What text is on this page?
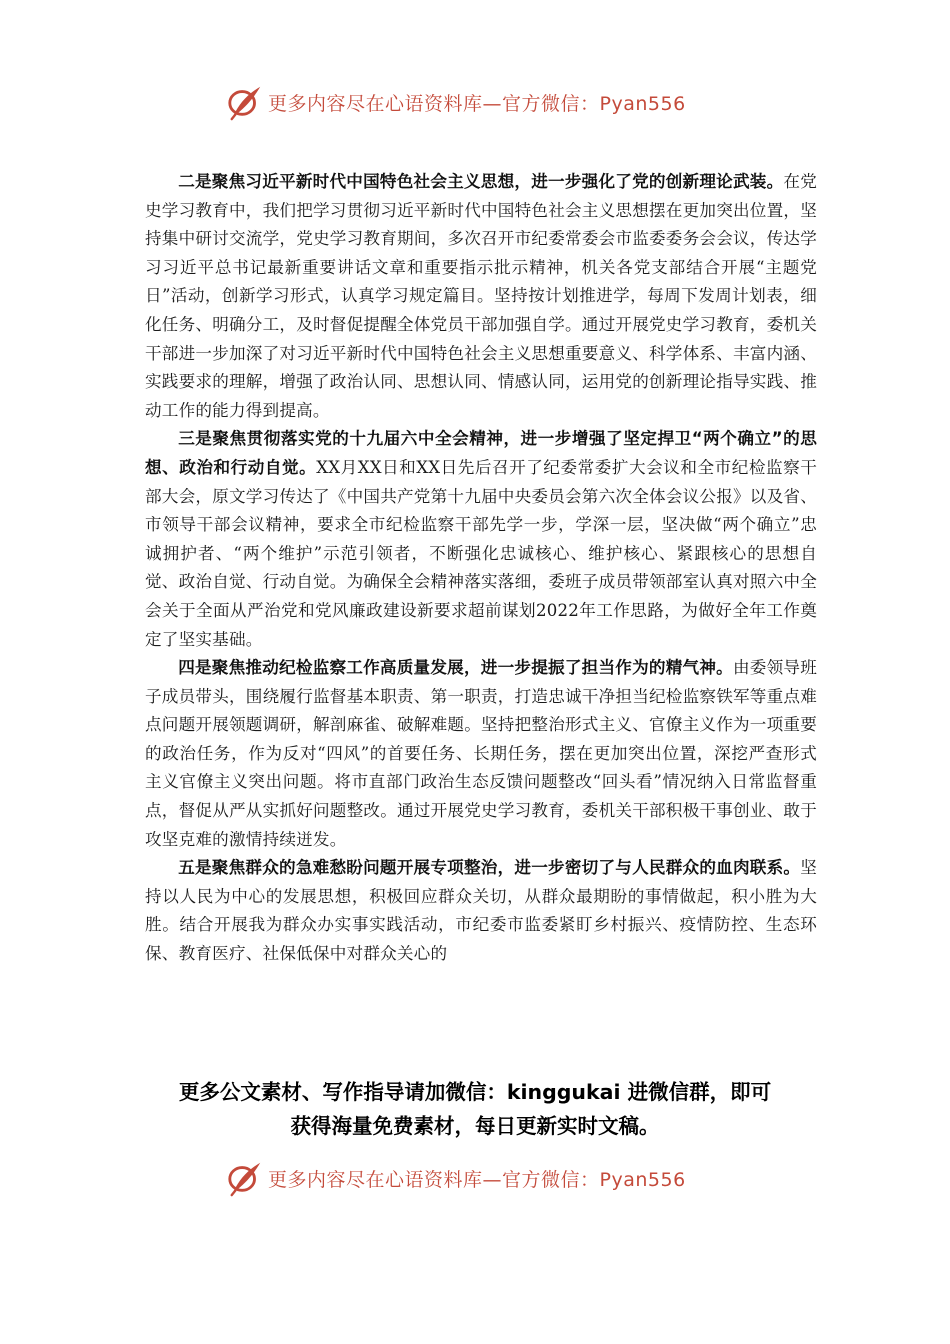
更多内容尽在心语资料库—官方微信：Pyan556

二是聚焦习近平新时代中国特色社会主义思想，进一步强化了党的创新理论武装。在党史学习教育中，我们把学习贯彻习近平新时代中国特色社会主义思想摆在更加突出位置，坚持集中研讨交流学，党史学习教育期间，多次召开市纪委常委会市监委委务会会议，传达学习习近平总书记最新重要讲话文章和重要指示批示精神，机关各党支部结合开展“主题党日”活动，创新学习形式，认真学习规定篇目。坚持按计划推进学，每周下发周计划表，细化任务、明确分工，及时督促提醒全体党员干部加强自学。通过开展党史学习教育，委机关干部进一步加深了对习近平新时代中国特色社会主义思想重要意义、科学体系、丰富内涵、实践要求的理解，增强了政治认同、思想认同、情感认同，运用党的创新理论指导实践、推动工作的能力得到提高。

三是聚焦贯彻落实党的十九届六中全会精神，进一步增强了坚定捍卫“两个确立”的思想、政治和行动自觉。XX月XX日和XX日先后召开了纪委常委扩大会议和全市纪检监察干部大会，原文学习传达了《中国共产党第十九届中央委员会第六次全体会议公报》以及省、市领导干部会议精神，要求全市纪检监察干部先学一步，学深一层，坚决做“两个确立”忠诚拥护者、“两个维护”示范引领者，不断强化忠诚核心、维护核心、紧跟核心的思想自觉、政治自觉、行动自觉。为确保全会精神落实落细，委班子成员带领部室认真对照六中全会关于全面从严治党和党风廉政建设新要求超前谋划2022年工作思路，为做好全年工作奠定了坚实基础。

四是聚焦推动纪检监察工作高质量发展，进一步提振了担当作为的精气神。由委领导班子成员带头，围绕履行监督基本职责、第一职责，打造忠诚干净担当纪检监察铁军等重点难点问题开展领题调研，解剖麻雀、破解难题。坚持把整治形式主义、官僚主义作为一项重要的政治任务，作为反对“四风”的首要任务、长期任务，摆在更加突出位置，深挖严查形式主义官僚主义突出问题。将市直部门政治生态反馈问题整改“回头看”情况纳入日常监督重点，督促从严从实抓好问题整改。通过开展党史学习教育，委机关干部积极干事创业、敢于攻坚克难的激情持续迸发。

五是聚焦群众的急难愁盼问题开展专项整治，进一步密切了与人民群众的血肉联系。坚持以人民为中心的发展思想，积极回应群众关切，从群众最期盼的事情做起，积小胜为大胜。结合开展我为群众办实事实践活动，市纪委市监委紧盯乡村振兴、疫情防控、生态环保、教育医疗、社保低保中对群众关心的

更多公文素材、写作指导请加微信：kinggukai 进微信群，即可
获得海量免费素材，每日更新实时文稿。
更多内容尽在心语资料库—官方微信：Pyan556
